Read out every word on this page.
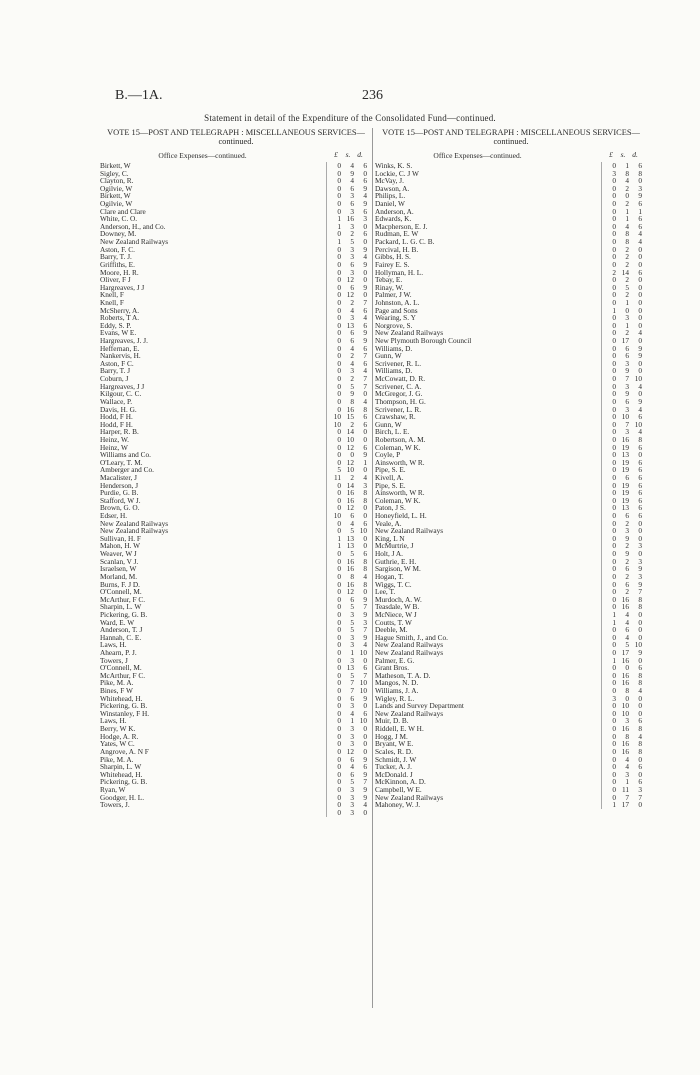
B.—1A.	236
Statement in detail of the Expenditure of the Consolidated Fund—continued.
VOTE 15—POST AND TELEGRAPH : MISCELLANEOUS SERVICES—continued.
Office Expenses—continued.	£ s. d.
Birkett, W	0 4 6
Sigley, C.	0 9 0
Clayton, R.	0 4 6
Ogilvie, W	0 6 9
Birkett, W	0 3 4
Ogilvie, W	0 6 9
Clare and Clare	0 3 6
White, C. O.	1 16 3
Anderson, H., and Co.	1 3 0
Downey, M.	0 2 6
New Zealand Railways	1 5 0
Aston, F. C.	0 3 9
Barry, T. J.	0 3 4
Griffiths, E.	0 6 9
Moore, H. R.	0 3 0
Oliver, F J	0 12 0
Hargreaves, J J	0 6 9
Knell, F	0 12 0
Knell, F	0 2 7
McSherry, A.	0 4 6
Roberts, T A.	0 3 4
Eddy, S. P.	0 13 6
Evans, W E.	0 6 9
Hargreaves, J. J.	0 6 9
Heffernan, E.	0 4 6
Nankervis, H.	0 2 7
Aston, F C.	0 4 6
Barry, T. J	0 3 4
Coburn, J	0 2 7
Hargreaves, J J	0 5 7
Kilgour, C. C.	0 9 0
Wallace, P.	0 8 4
Davis, H. G.	0 16 8
Hodd, F H.	10 15 6
Hodd, F H.	10 2 6
Harper, R. B.	0 14 0
Heinz, W.	0 10 0
Heinz, W	0 12 6
Williams and Co.	0 0 9
O'Leary, T. M.	0 12 1
Amberger and Co.	5 10 0
Macalister, J	11 2 4
Henderson, J	0 14 3
Purdie, G. B.	0 16 8
Stafford, W J.	0 16 8
Brown, G. O.	0 12 0
Edser, H.	10 6 0
New Zealand Railways	0 4 6
New Zealand Railways	0 5 10
Sullivan, H. F	1 13 0
Mahon, H. W	1 13 0
Weaver, W J	0 5 6
Scanlan, V J.	0 16 8
Israelsen, W	0 16 8
Morland, M.	0 8 4
Burns, F. J D.	0 16 8
O'Connell, M.	0 12 0
McArthur, F C.	0 6 9
Sharpin, L. W	0 5 7
Pickering, G. B.	0 3 9
Ward, E. W	0 5 3
Anderson, T. J	0 5 7
Hannah, C. E.	0 3 9
Laws, H.	0 3 4
Ahearn, P. J.	0 1 10
Towers, J	0 3 0
O'Connell, M.	0 13 6
McArthur, F C.	0 5 7
Pike, M. A.	0 7 10
Bines, F W	0 7 10
Whitehead, H.	0 6 9
Pickering, G. B.	0 3 0
Winstanley, F H.	0 4 6
Laws, H.	0 1 10
Berry, W K.	0 3 0
Hodge, A. R.	0 3 0
Yates, W C.	0 3 0
Angrove, A. N F	0 12 0
Pike, M. A.	0 6 9
Sharpin, L. W	0 4 6
Whitehead, H.	0 6 9
Pickering, G. B.	0 5 7
Ryan, W	0 3 9
Goodger, H. L.	0 3 9
Towers, J.	0 3 4
0 3 0
VOTE 15—POST AND TELEGRAPH : MISCELLANEOUS SERVICES—continued.
Office Expenses—continued.	£ s. d.
Winks, K. S.	0 1 6
Lockie, C. J W	3 8 8
McVay, J.	0 4 0
Dawson, A.	0 2 3
Philips, L.	0 0 9
Daniel, W	0 2 6
Anderson, A.	0 1 1
Edwards, K.	0 1 6
Macpherson, E. J.	0 4 6
Rudman, E. W	0 8 4
Packard, L. G. C. B.	0 8 4
Percival, H. B.	0 2 0
Gibbs, H. S.	0 2 0
Fairey E. S.	0 2 0
Hollyman, H. L.	2 14 6
Tebay, E.	0 2 0
Rinay, W.	0 5 0
Palmer, J W.	0 2 0
Johnston, A. L.	0 1 0
Page and Sons	1 0 0
Wearing, S. Y	0 3 0
Norgrove, S.	0 1 0
New Zealand Railways	0 2 4
New Plymouth Borough Council	0 17 0
Williams, D.	0 6 9
Gunn, W	0 6 9
Scrivener, R. L.	0 3 0
Williams, D.	0 9 0
McCowatt, D. R.	0 7 10
Scrivener, C. A.	0 3 4
McGregor, J. G.	0 9 0
Thompson, H. G.	0 6 9
Scrivener, L. R.	0 3 4
Crawshaw, R.	0 10 6
Gunn, W	0 7 10
Birch, L. E.	0 3 4
Robertson, A. M.	0 16 8
Coleman, W K.	0 19 6
Coyle, P	0 13 0
Ainsworth, W R.	0 19 6
Pipe, S. E.	0 19 6
Kivell, A.	0 6 6
Pipe, S. E.	0 19 6
Ainsworth, W R.	0 19 6
Coleman, W K.	0 19 6
Paton, J S.	0 13 6
Honeyfield, L. H.	0 6 6
Veale, A.	0 2 0
New Zealand Railways	0 3 0
King, L N	0 9 0
McMurtrie, J	0 2 3
Holt, J A.	0 9 0
Guthrie, E. H.	0 2 3
Sargison, W M.	0 6 9
Hogan, T.	0 2 3
Wiggs, T. C.	0 6 9
Lee, T.	0 2 7
Murdoch, A. W.	0 16 8
Teasdale, W B.	0 16 8
McNiece, W J	1 4 0
Coutts, T. W	1 4 0
Deeble, M.	0 6 0
Hague Smith, J., and Co.	0 4 0
New Zealand Railways	0 5 10
New Zealand Railways	0 17 9
Palmer, E. G.	1 16 0
Grant Bros.	0 0 6
Matheson, T. A. D.	0 16 8
Mangos, N. D.	0 16 8
Williams, J. A.	0 8 4
Wigley, R. L.	3 0 0
Lands and Survey Department	0 10 0
New Zealand Railways	0 10 0
Muir, D. B.	0 3 6
Riddell, E. W H.	0 16 8
Hogg, J M.	0 8 4
Bryant, W E.	0 16 8
Scales, R. D.	0 16 8
Schmidt, J. W	0 4 0
Tucker, A. J.	0 4 6
McDonald. J	0 3 0
McKinnon, A. D.	0 1 6
Campbell, W E.	0 11 3
New Zealand Railways	0 7 7
Mahoney, W. J.	1 17 0
